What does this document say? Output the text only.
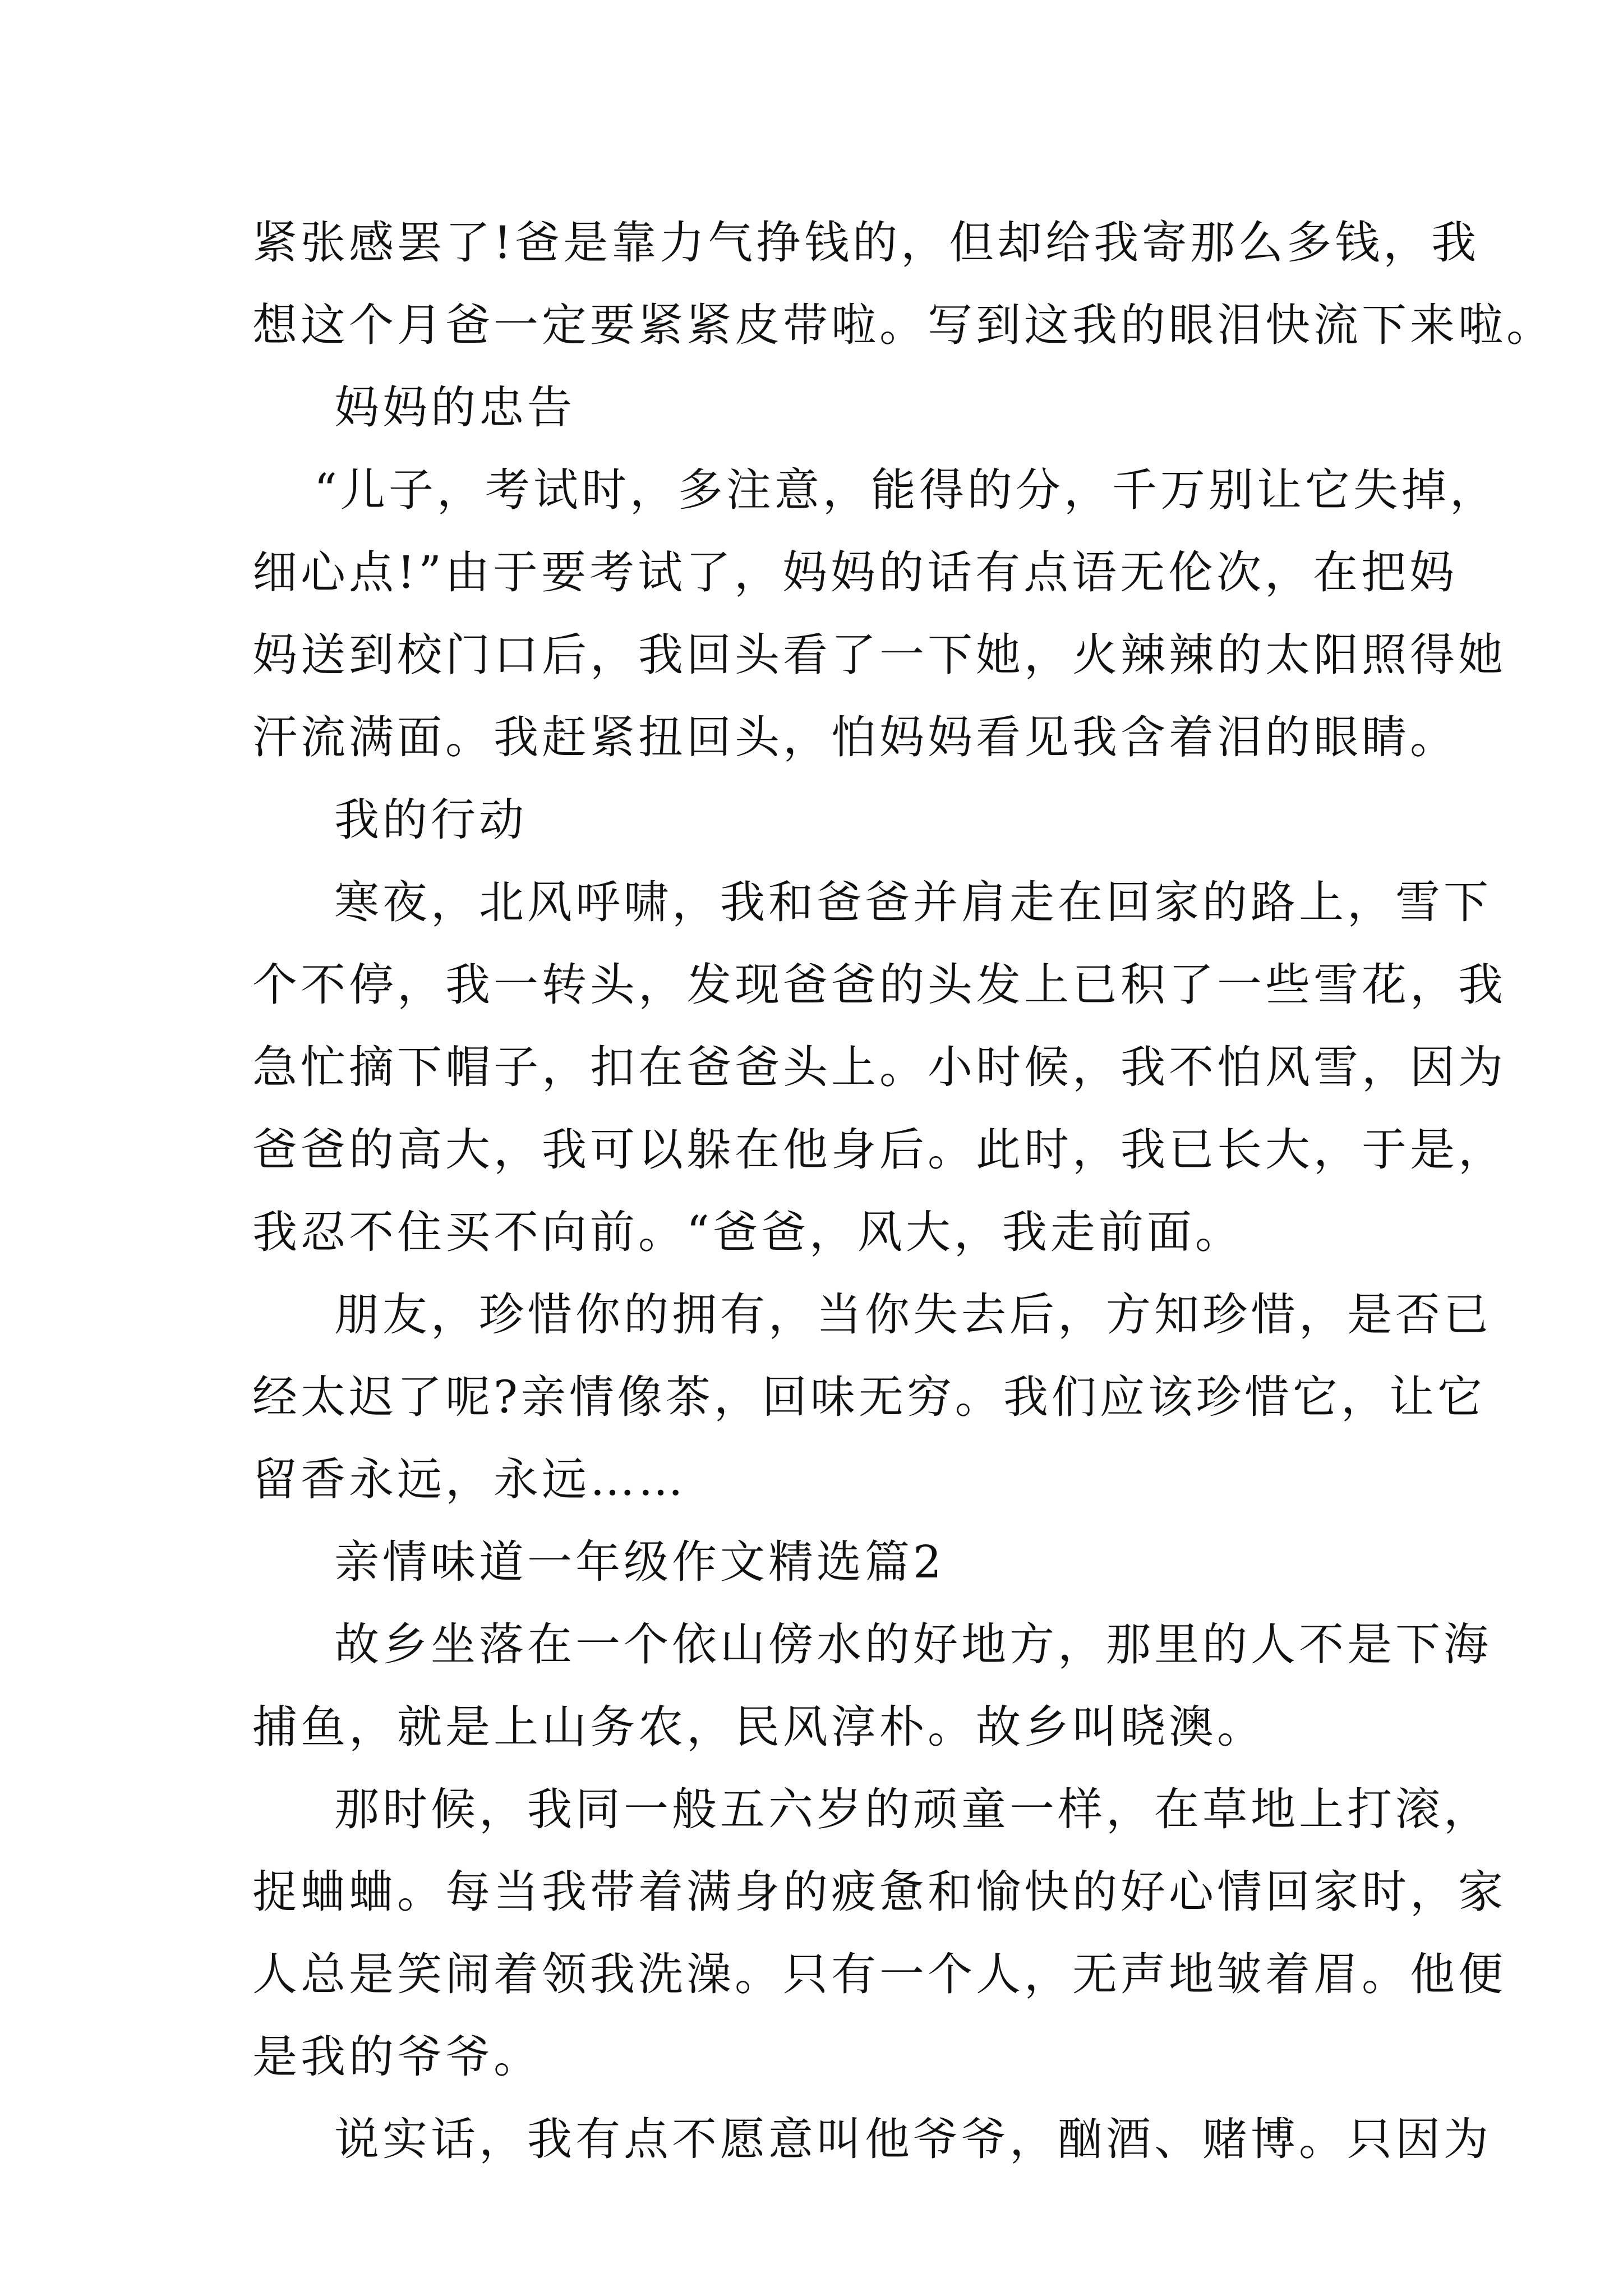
紧张感罢了!爸是靠力气挣钱的，但却给我寄那么多钱，我
想这个月爸一定要紧紧皮带啦。写到这我的眼泪快流下来啦。
妈妈的忠告
“儿子，考试时，多注意，能得的分，千万别让它失掉，
细心点!”由于要考试了，妈妈的话有点语无伦次，在把妈
妈送到校门口后，我回头看了一下她，火辣辣的太阳照得她
汗流满面。我赶紧扭回头，怕妈妈看见我含着泪的眼睛。
我的行动
寒夜，北风呼啸，我和爸爸并肩走在回家的路上，雪下
个不停，我一转头，发现爸爸的头发上已积了一些雪花，我
急忙摘下帽子，扣在爸爸头上。小时候，我不怕风雪，因为
爸爸的高大，我可以躲在他身后。此时，我已长大，于是，
我忍不住买不向前。“爸爸，风大，我走前面。
朋友，珍惜你的拥有，当你失去后，方知珍惜，是否已
经太迟了呢?亲情像茶，回味无穷。我们应该珍惜它，让它
留香永远，永远……
亲情味道一年级作文精选篇2
故乡坐落在一个依山傍水的好地方，那里的人不是下海
捕鱼，就是上山务农，民风淳朴。故乡叫晓澳。
那时候，我同一般五六岁的顽童一样，在草地上打滚，
捉蛐蛐。每当我带着满身的疲惫和愉快的好心情回家时，家
人总是笑闹着领我洗澡。只有一个人，无声地皱着眉。他便
是我的爷爷。
说实话，我有点不愿意叫他爷爷，酗酒、赌博。只因为
